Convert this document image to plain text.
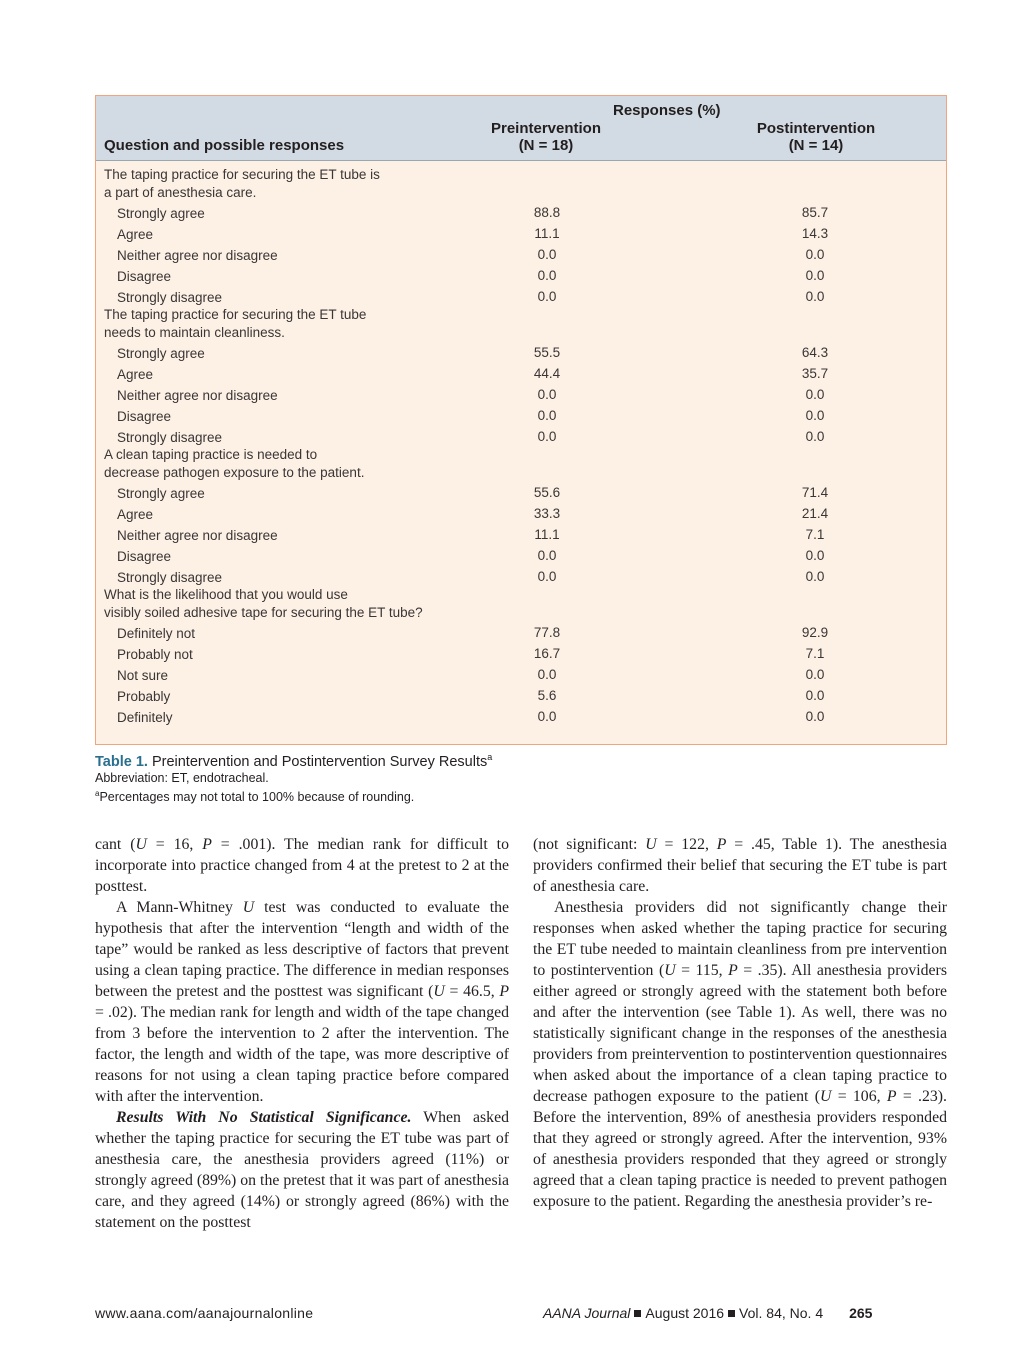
Question and possible responses
Responses (%)
Preintervention
(N = 18)
Postintervention
(N = 14)
The taping practice for securing the ET tube is
a part of anesthesia care.
Strongly agree	88.8	85.7
Agree	11.1	14.3
Neither agree nor disagree	0.0	0.0
Disagree	0.0	0.0
Strongly disagree	0.0	0.0
The taping practice for securing the ET tube
needs to maintain cleanliness.
Strongly agree	55.5	64.3
Agree	44.4	35.7
Neither agree nor disagree	0.0	0.0
Disagree	0.0	0.0
Strongly disagree	0.0	0.0
A clean taping practice is needed to
decrease pathogen exposure to the patient.
Strongly agree	55.6	71.4
Agree	33.3	21.4
Neither agree nor disagree	11.1	7.1
Disagree	0.0	0.0
Strongly disagree	0.0	0.0
What is the likelihood that you would use
visibly soiled adhesive tape for securing the ET tube?
Definitely not	77.8	92.9
Probably not	16.7	7.1
Not sure	0.0	0.0
Probably	5.6	0.0
Definitely	0.0	0.0
Table 1. Preintervention and Postintervention Survey Results$^a$
Abbreviation: ET, endotracheal.
$^a$Percentages may not total to 100% because of rounding.

cant (U = 16, P = .001). The median rank for difficult to incorporate into practice changed from 4 at the pretest to 2 at the posttest.

A Mann-Whitney U test was conducted to evaluate the hypothesis that after the intervention “length and width of the tape” would be ranked as less descriptive of factors that prevent using a clean taping practice. The difference in median responses between the pretest and the posttest was significant (U = 46.5, P = .02). The median rank for length and width of the tape changed from 3 before the intervention to 2 after the intervention. The factor, the length and width of the tape, was more descriptive of reasons for not using a clean taping practice before compared with after the intervention.

Results With No Statistical Significance. When asked whether the taping practice for securing the ET tube was part of anesthesia care, the anesthesia providers agreed (11%) or strongly agreed (89%) on the pretest that it was part of anesthesia care, and they agreed (14%) or strongly agreed (86%) with the statement on the posttest

(not significant: U = 122, P = .45, Table 1). The anesthesia providers confirmed their belief that securing the ET tube is part of anesthesia care.

Anesthesia providers did not significantly change their responses when asked whether the taping practice for securing the ET tube needed to maintain cleanliness from pre intervention to postintervention (U = 115, P = .35). All anesthesia providers either agreed or strongly agreed with the statement both before and after the intervention (see Table 1). As well, there was no statistically significant change in the responses of the anesthesia providers from preintervention to postintervention questionnaires when asked about the importance of a clean taping practice to decrease pathogen exposure to the patient (U = 106, P = .23). Before the intervention, 89% of anesthesia providers responded that they agreed or strongly agreed. After the intervention, 93% of anesthesia providers responded that they agreed or strongly agreed that a clean taping practice is needed to prevent pathogen exposure to the patient. Regarding the anesthesia provider’s re-

www.aana.com/aanajournalonline	AANA Journal August 2016 Vol. 84, No. 4 265
